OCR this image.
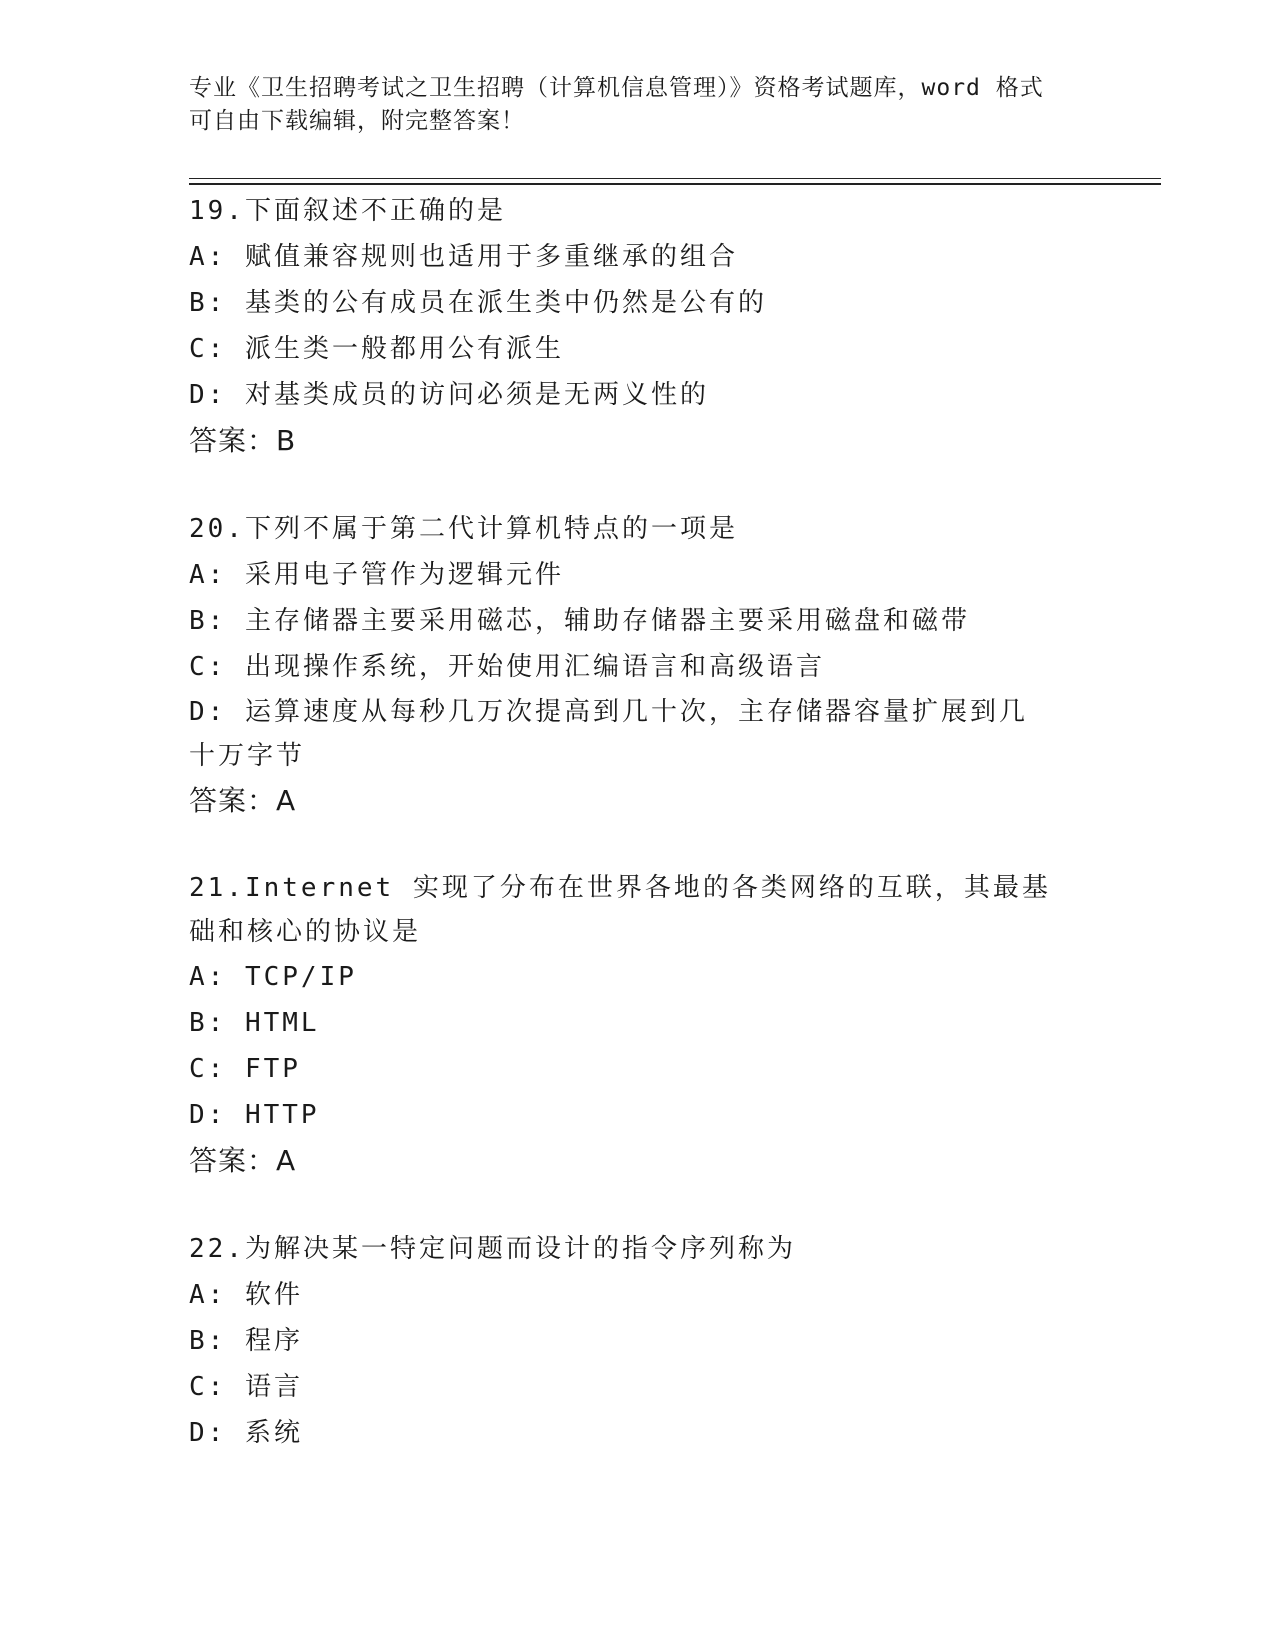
专业《卫生招聘考试之卫生招聘（计算机信息管理）》资格考试题库，word 格式
可自由下载编辑，附完整答案！
19.下面叙述不正确的是
A: 赋值兼容规则也适用于多重继承的组合
B: 基类的公有成员在派生类中仍然是公有的
C: 派生类一般都用公有派生
D: 对基类成员的访问必须是无两义性的
答案：B
20.下列不属于第二代计算机特点的一项是
A: 采用电子管作为逻辑元件
B: 主存储器主要采用磁芯，辅助存储器主要采用磁盘和磁带
C: 出现操作系统，开始使用汇编语言和高级语言
D: 运算速度从每秒几万次提高到几十次，主存储器容量扩展到几十万字节
答案：A
21.Internet 实现了分布在世界各地的各类网络的互联，其最基础和核心的协议是
A: TCP/IP
B: HTML
C: FTP
D: HTTP
答案：A
22.为解决某一特定问题而设计的指令序列称为
A: 软件
B: 程序
C: 语言
D: 系统
